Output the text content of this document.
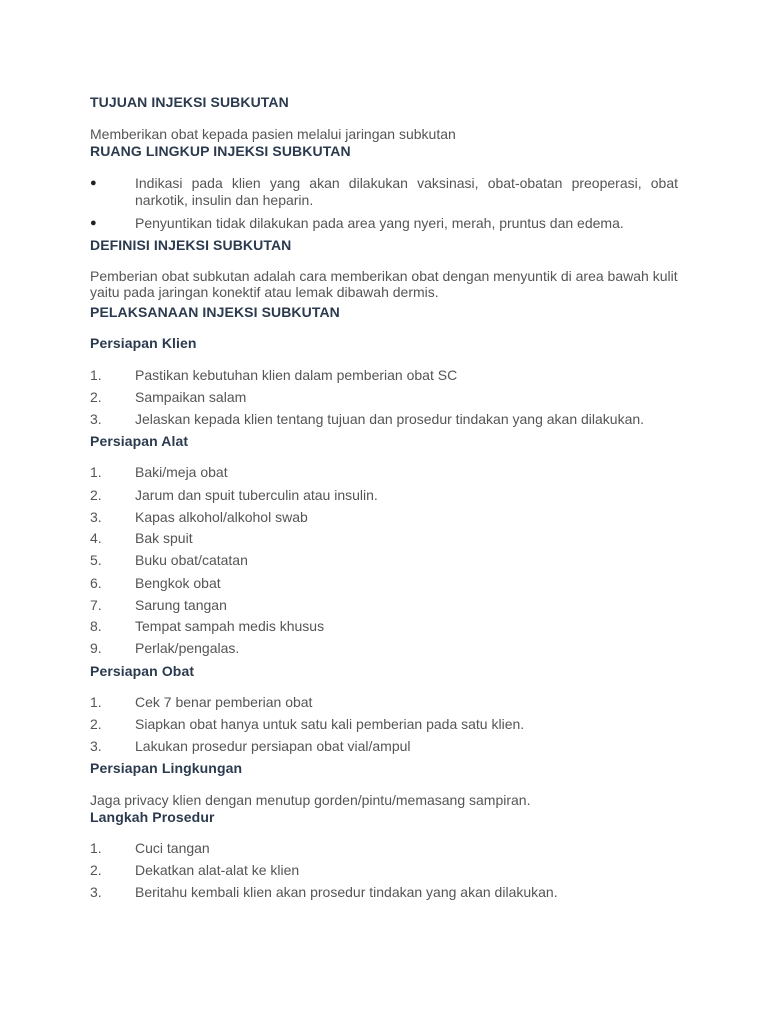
TUJUAN INJEKSI SUBKUTAN
Memberikan obat kepada pasien melalui jaringan subkutan
RUANG LINGKUP INJEKSI SUBKUTAN
●	Indikasi pada klien yang akan dilakukan vaksinasi, obat-obatan preoperasi, obat narkotik, insulin dan heparin.
●	Penyuntikan tidak dilakukan pada area yang nyeri, merah, pruntus dan edema.
DEFINISI INJEKSI SUBKUTAN
Pemberian obat subkutan adalah cara memberikan obat dengan menyuntik di area bawah kulit yaitu pada jaringan konektif atau lemak dibawah dermis.
PELAKSANAAN INJEKSI SUBKUTAN
Persiapan Klien
1. Pastikan kebutuhan klien dalam pemberian obat SC
2. Sampaikan salam
3. Jelaskan kepada klien tentang tujuan dan prosedur tindakan yang akan dilakukan.
Persiapan Alat
1. Baki/meja obat
2. Jarum dan spuit tuberculin atau insulin.
3. Kapas alkohol/alkohol swab
4. Bak spuit
5. Buku obat/catatan
6. Bengkok obat
7. Sarung tangan
8. Tempat sampah medis khusus
9. Perlak/pengalas.
Persiapan Obat
1. Cek 7 benar pemberian obat
2. Siapkan obat hanya untuk satu kali pemberian pada satu klien.
3. Lakukan prosedur persiapan obat vial/ampul
Persiapan Lingkungan
Jaga privacy klien dengan menutup gorden/pintu/memasang sampiran.
Langkah Prosedur
1. Cuci tangan
2. Dekatkan alat-alat ke klien
3. Beritahu kembali klien akan prosedur tindakan yang akan dilakukan.
